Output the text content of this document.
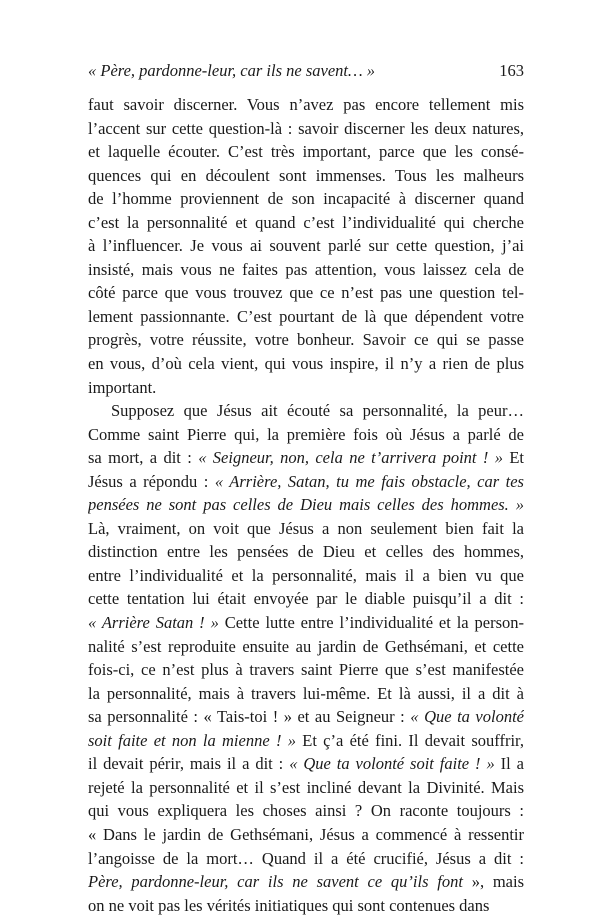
« Père, pardonne-leur, car ils ne savent… »	163
faut savoir discerner. Vous n’avez pas encore tellement mis
l’accent sur cette question-là : savoir discerner les deux natures,
et laquelle écouter. C’est très important, parce que les consé-
quences qui en découlent sont immenses. Tous les malheurs
de l’homme proviennent de son incapacité à discerner quand
c’est la personnalité et quand c’est l’individualité qui cherche
à l’influencer. Je vous ai souvent parlé sur cette question, j’ai
insisté, mais vous ne faites pas attention, vous laissez cela de
côté parce que vous trouvez que ce n’est pas une question tel-
lement passionnante. C’est pourtant de là que dépendent votre
progrès, votre réussite, votre bonheur. Savoir ce qui se passe
en vous, d’où cela vient, qui vous inspire, il n’y a rien de plus
important.
Supposez que Jésus ait écouté sa personnalité, la peur…
Comme saint Pierre qui, la première fois où Jésus a parlé de
sa mort, a dit : « Seigneur, non, cela ne t’arrivera point ! » Et
Jésus a répondu : « Arrière, Satan, tu me fais obstacle, car tes
pensées ne sont pas celles de Dieu mais celles des hommes. »
Là, vraiment, on voit que Jésus a non seulement bien fait la
distinction entre les pensées de Dieu et celles des hommes,
entre l’individualité et la personnalité, mais il a bien vu que
cette tentation lui était envoyée par le diable puisqu’il a dit :
« Arrière Satan ! » Cette lutte entre l’individualité et la person-
nalité s’est reproduite ensuite au jardin de Gethsémani, et cette
fois-ci, ce n’est plus à travers saint Pierre que s’est manifestée
la personnalité, mais à travers lui-même. Et là aussi, il a dit à
sa personnalité : « Tais-toi ! » et au Seigneur : « Que ta volonté
soit faite et non la mienne ! » Et ç’a été fini. Il devait souffrir,
il devait périr, mais il a dit : « Que ta volonté soit faite ! » Il a
rejeté la personnalité et il s’est incliné devant la Divinité. Mais
qui vous expliquera les choses ainsi ? On raconte toujours :
« Dans le jardin de Gethsémani, Jésus a commencé à ressentir
l’angoisse de la mort… Quand il a été crucifié, Jésus a dit :
Père, pardonne-leur, car ils ne savent ce qu’ils font », mais
on ne voit pas les vérités initiatiques qui sont contenues dans
